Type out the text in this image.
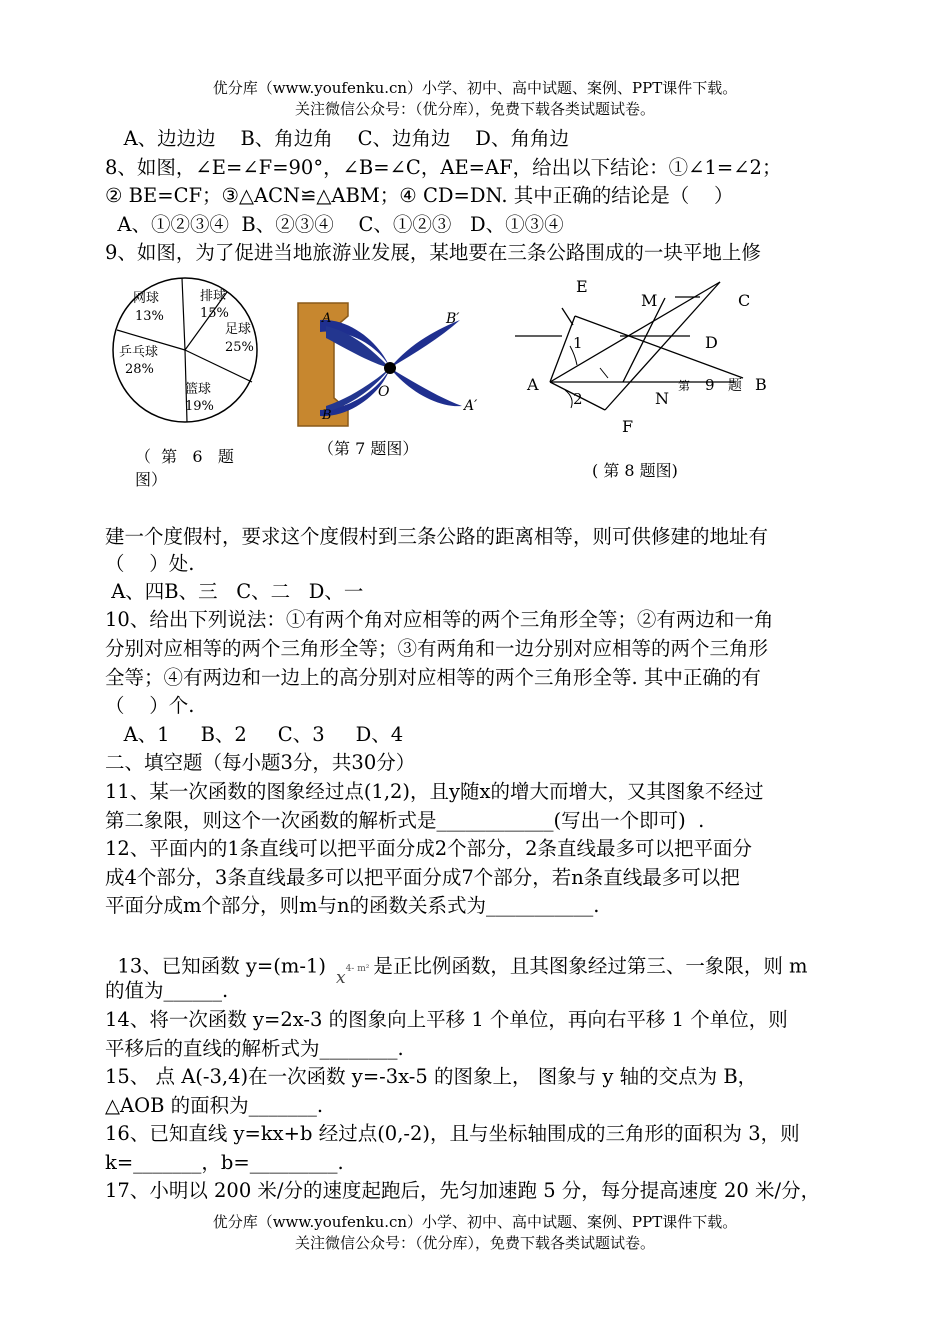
优分库（www.youfenku.cn）小学、初中、高中试题、案例、PPT课件下载。
关注微信公众号：（优分库），免费下载各类试题试卷。
A、边边边    B、角边角    C、边角边    D、角角边
8、如图，∠E=∠F=90°，∠B=∠C，AE=AF，给出以下结论：①∠1=∠2；
② BE=CF；③△ACN≌△ABM；④ CD=DN. 其中正确的结论是（    ）
A、①②③④  B、②③④    C、①②③   D、①③④
9、如图，为了促进当地旅游业发展，某地要在三条公路围成的一块平地上修
排球
15%
足球
25%
篮球
19%
乒乓球
28%
网球
13%
（  第   6   题
图）
A
B
O
B′
A′
（第 7 题图）
E
M	C
1	D
A
2	N
第 9 题 B
F
( 第 8 题图)
建一个度假村，要求这个度假村到三条公路的距离相等，则可供修建的地址有
（    ）处.
A、四B、三   C、二   D、一
10、给出下列说法：①有两个角对应相等的两个三角形全等；②有两边和一角
分别对应相等的两个三角形全等；③有两角和一边分别对应相等的两个三角形
全等；④有两边和一边上的高分别对应相等的两个三角形全等. 其中正确的有
（    ）个.
A、1     B、2     C、3     D、4
二、填空题（每小题3分，共30分）
11、某一次函数的图象经过点(1,2)，且y随x的增大而增大，又其图象不经过
第二象限，则这个一次函数的解析式是____________(写出一个即可)  .
12、平面内的1条直线可以把平面分成2个部分，2条直线最多可以把平面分
成4个部分，3条直线最多可以把平面分成7个部分，若n条直线最多可以把
平面分成m个部分，则m与n的函数关系式为___________.

13、已知函数 y=(m-1) $x^{4- m^2}$ 是正比例函数，且其图象经过第三、一象限，则 m

的值为______.
14、将一次函数 y=2x-3 的图象向上平移 1 个单位，再向右平移 1 个单位，则
平移后的直线的解析式为________.
15、 点 A(-3,4)在一次函数 y=-3x-5 的图象上， 图象与 y 轴的交点为 B，
△AOB 的面积为_______.
16、已知直线 y=kx+b 经过点(0,-2)，且与坐标轴围成的三角形的面积为 3，则
k=_______，b=_________.
17、小明以 200 米/分的速度起跑后，先匀加速跑 5 分，每分提高速度 20 米/分，
优分库（www.youfenku.cn）小学、初中、高中试题、案例、PPT课件下载。
关注微信公众号：（优分库），免费下载各类试题试卷。
